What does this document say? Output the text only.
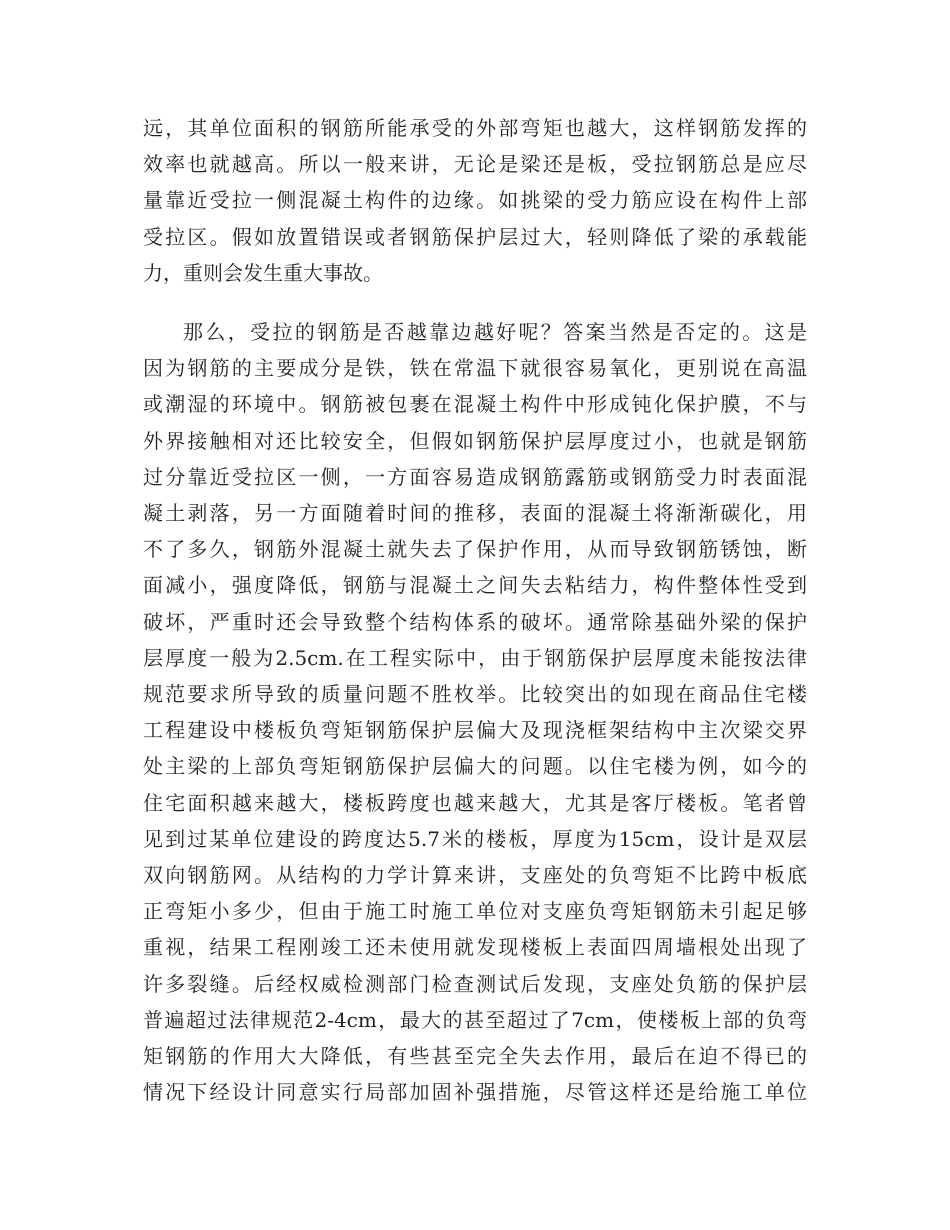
远，其单位面积的钢筋所能承受的外部弯矩也越大，这样钢筋发挥的
效率也就越高。所以一般来讲，无论是梁还是板，受拉钢筋总是应尽
量靠近受拉一侧混凝土构件的边缘。如挑梁的受力筋应设在构件上部
受拉区。假如放置错误或者钢筋保护层过大，轻则降低了梁的承载能
力，重则会发生重大事故。
那么，受拉的钢筋是否越靠边越好呢？答案当然是否定的。这是
因为钢筋的主要成分是铁，铁在常温下就很容易氧化，更别说在高温
或潮湿的环境中。钢筋被包裹在混凝土构件中形成钝化保护膜，不与
外界接触相对还比较安全，但假如钢筋保护层厚度过小，也就是钢筋
过分靠近受拉区一侧，一方面容易造成钢筋露筋或钢筋受力时表面混
凝土剥落，另一方面随着时间的推移，表面的混凝土将渐渐碳化，用
不了多久，钢筋外混凝土就失去了保护作用，从而导致钢筋锈蚀，断
面减小，强度降低，钢筋与混凝土之间失去粘结力，构件整体性受到
破坏，严重时还会导致整个结构体系的破坏。通常除基础外梁的保护
层厚度一般为2.5cm.在工程实际中，由于钢筋保护层厚度未能按法律
规范要求所导致的质量问题不胜枚举。比较突出的如现在商品住宅楼
工程建设中楼板负弯矩钢筋保护层偏大及现浇框架结构中主次梁交界
处主梁的上部负弯矩钢筋保护层偏大的问题。以住宅楼为例，如今的
住宅面积越来越大，楼板跨度也越来越大，尤其是客厅楼板。笔者曾
见到过某单位建设的跨度达5.7米的楼板，厚度为15cm，设计是双层
双向钢筋网。从结构的力学计算来讲，支座处的负弯矩不比跨中板底
正弯矩小多少，但由于施工时施工单位对支座负弯矩钢筋未引起足够
重视，结果工程刚竣工还未使用就发现楼板上表面四周墙根处出现了
许多裂缝。后经权威检测部门检查测试后发现，支座处负筋的保护层
普遍超过法律规范2-4cm，最大的甚至超过了7cm，使楼板上部的负弯
矩钢筋的作用大大降低，有些甚至完全失去作用，最后在迫不得已的
情况下经设计同意实行局部加固补强措施，尽管这样还是给施工单位
